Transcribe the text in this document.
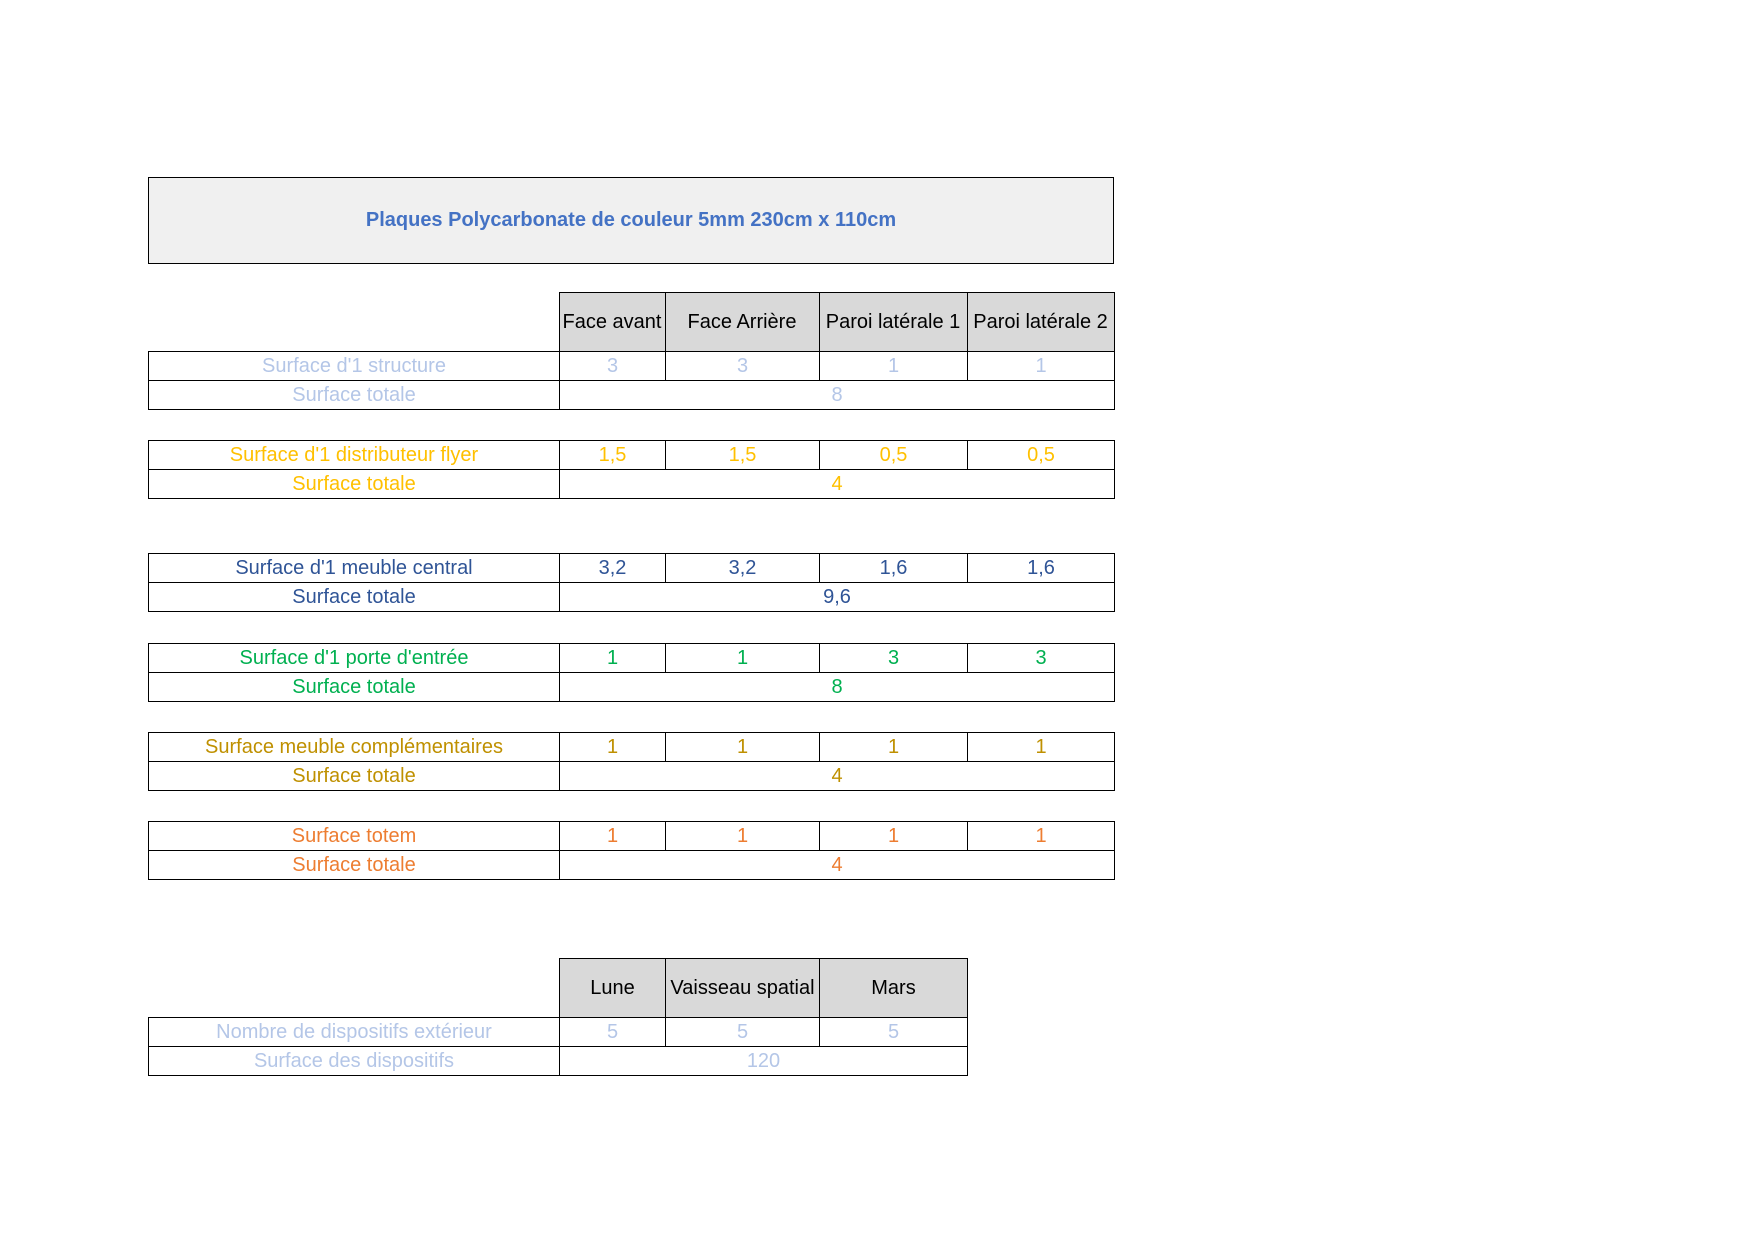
Plaques Polycarbonate de couleur 5mm 230cm x 110cm
	Face avant	Face Arrière	Paroi latérale 1	Paroi latérale 2
Surface d'1 structure	3	3	1	1
Surface totale	8			
Surface d'1 distributeur flyer	1,5	1,5	0,5	0,5
Surface totale	4			
Surface d'1 meuble central	3,2	3,2	1,6	1,6
Surface totale	9,6			
Surface d'1 porte d'entrée	1	1	3	3
Surface totale	8			
Surface meuble complémentaires	1	1	1	1
Surface totale	4			
Surface totem	1	1	1	1
Surface totale	4			
	Lune	Vaisseau spatial	Mars
Nombre de dispositifs extérieur	5	5	5
Surface des dispositifs	120		
